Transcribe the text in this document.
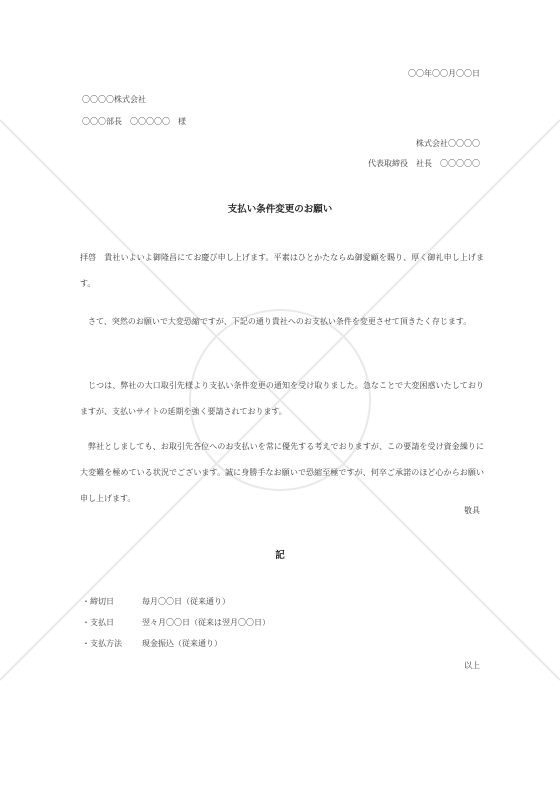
〇〇年〇〇月〇〇日
〇〇〇〇株式会社
〇〇〇部長　〇〇〇〇〇　様
株式会社〇〇〇〇
代表取締役　社長　〇〇〇〇〇
支払い条件変更のお願い
拝啓　貴社いよいよ御隆昌にてお慶び申し上げます。平素はひとかたならぬ御愛顧を賜り、厚く御礼申し上げます。
さて、突然のお願いで大変恐縮ですが、下記の通り貴社へのお支払い条件を変更させて頂きたく存じます。
じつは、弊社の大口取引先様より支払い条件変更の通知を受け取りました。急なことで大変困惑いたしておりますが、支払いサイトの延期を強く要請されております。
弊社としましても、お取引先各位へのお支払いを常に優先する考えでおりますが、この要請を受け資金繰りに大変難を極めている状況でございます。誠に身勝手なお願いで恐縮至極ですが、何卒ご承諾のほど心からお願い申し上げます。
敬具
記
・締切日	毎月〇〇日（従来通り）
・支払日	翌々月〇〇日（従来は翌月〇〇日）
・支払方法	現金振込（従来通り）
以上
